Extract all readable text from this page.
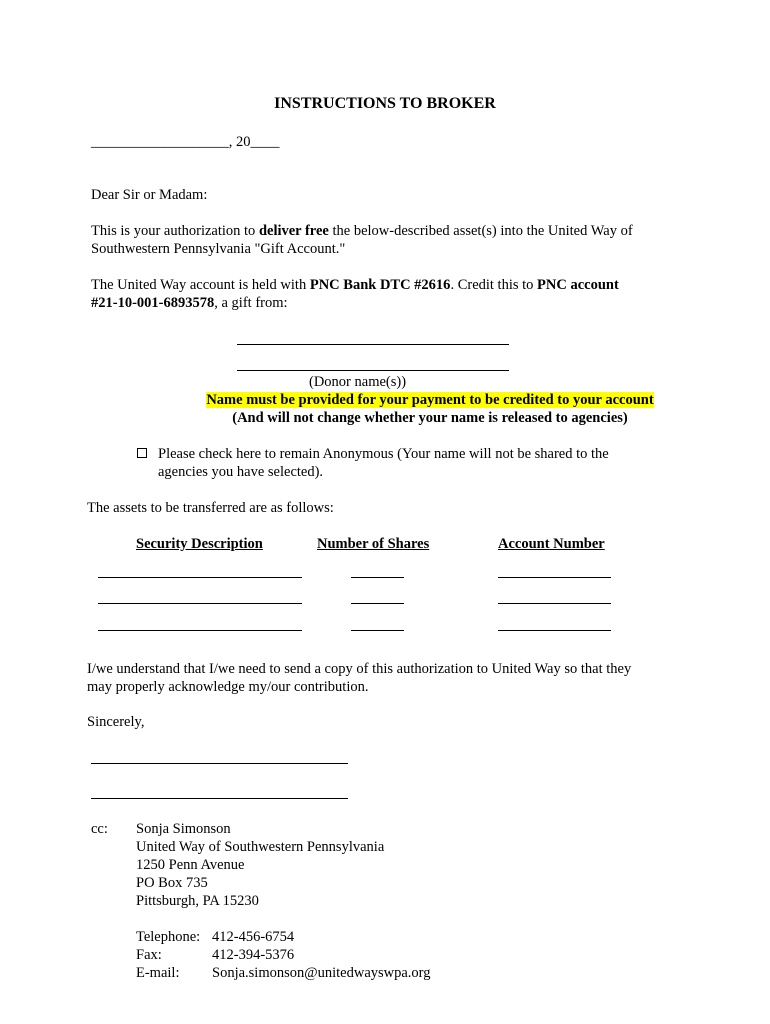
INSTRUCTIONS TO BROKER
___________________, 20____
Dear Sir or Madam:
This is your authorization to deliver free the below-described asset(s) into the United Way of
Southwestern Pennsylvania "Gift Account."
The United Way account is held with PNC Bank DTC #2616. Credit this to PNC account
#21-10-001-6893578, a gift from:
(Donor name(s))
Name must be provided for your payment to be credited to your account
(And will not change whether your name is released to agencies)
Please check here to remain Anonymous (Your name will not be shared to the
agencies you have selected).
The assets to be transferred are as follows:
Security Description	Number of Shares	Account Number
I/we understand that I/we need to send a copy of this authorization to United Way so that they
may properly acknowledge my/our contribution.
Sincerely,
cc: Sonja Simonson
United Way of Southwestern Pennsylvania
1250 Penn Avenue
PO Box 735
Pittsburgh, PA 15230
Telephone: 412-456-6754
Fax:	412-394-5376
E-mail: Sonja.simonson@unitedwayswpa.org
